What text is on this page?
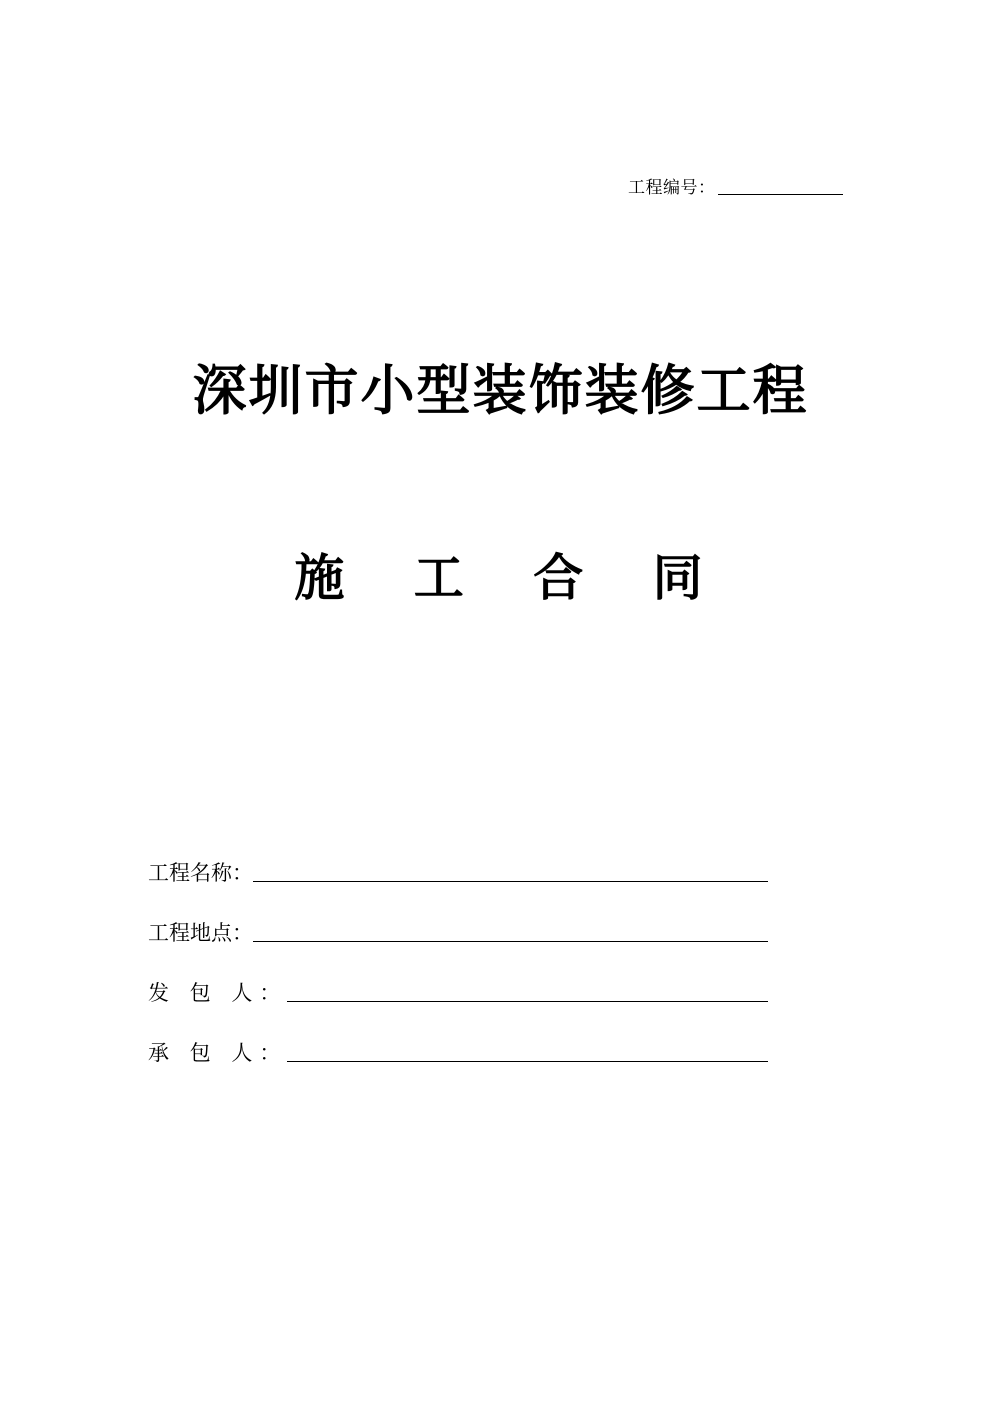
工程编号：
深圳市小型装饰装修工程
施 工 合 同
工程名称：
工程地点：
发 包 人：
承 包 人：
